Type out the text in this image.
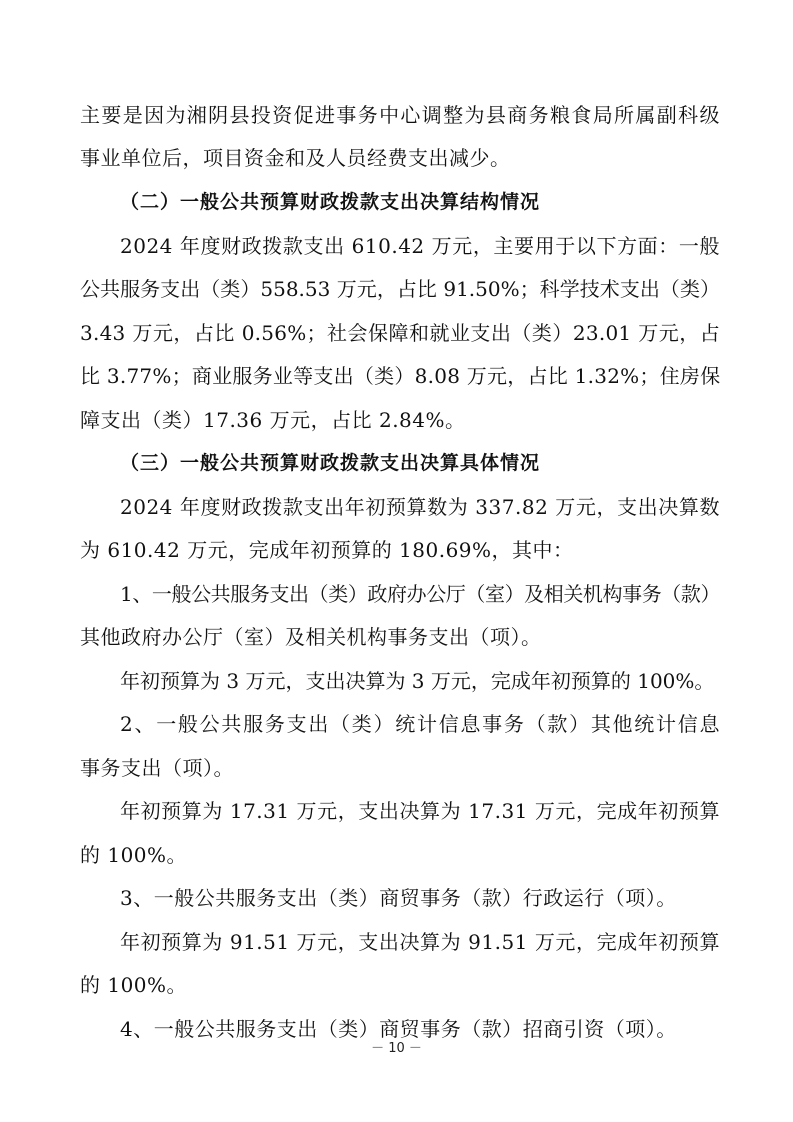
主要是因为湘阴县投资促进事务中心调整为县商务粮食局所属副科级
事业单位后，项目资金和及人员经费支出减少。
（二）一般公共预算财政拨款支出决算结构情况
2024 年度财政拨款支出 610.42 万元，主要用于以下方面：一般
公共服务支出（类）558.53 万元，占比 91.50%；科学技术支出（类）
3.43 万元，占比 0.56%；社会保障和就业支出（类）23.01 万元，占
比 3.77%；商业服务业等支出（类）8.08 万元，占比 1.32%；住房保
障支出（类）17.36 万元，占比 2.84%。
（三）一般公共预算财政拨款支出决算具体情况
2024 年度财政拨款支出年初预算数为 337.82 万元，支出决算数
为 610.42 万元，完成年初预算的 180.69%，其中：
1、一般公共服务支出（类）政府办公厅（室）及相关机构事务（款）
其他政府办公厅（室）及相关机构事务支出（项）。
年初预算为 3 万元，支出决算为 3 万元，完成年初预算的 100%。
2、一般公共服务支出（类）统计信息事务（款）其他统计信息
事务支出（项）。
年初预算为 17.31 万元，支出决算为 17.31 万元，完成年初预算
的 100%。
3、一般公共服务支出（类）商贸事务（款）行政运行（项）。
年初预算为 91.51 万元，支出决算为 91.51 万元，完成年初预算
的 100%。
4、一般公共服务支出（类）商贸事务（款）招商引资（项）。
－ 10 －
